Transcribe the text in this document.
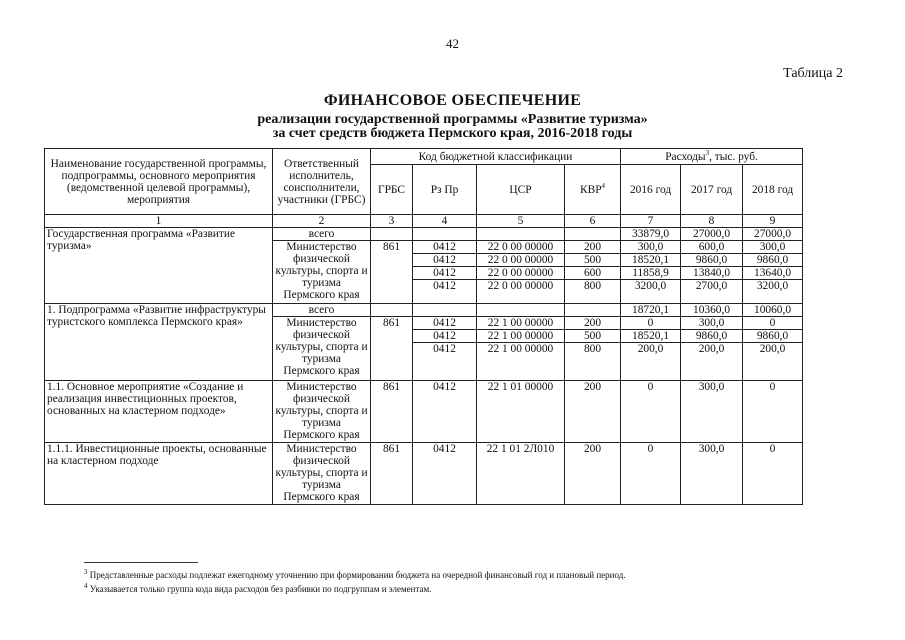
42
Таблица 2
ФИНАНСОВОЕ ОБЕСПЕЧЕНИЕ
реализации государственной программы «Развитие туризма»
за счет средств бюджета Пермского края, 2016-2018 годы
Наименование государственной программы, подпрограммы, основного мероприятия (ведомственной целевой программы), мероприятия	Ответственный исполнитель, соисполнители, участники (ГРБС)	Код бюджетной классификации				Расходы$^3$, тыс. руб.		
		ГРБС	Рз Пр	ЦСР	КВР$^4$	2016 год	2017 год	2018 год
1	2	3	4	5	6	7	8	9
Государственная программа «Развитие туризма»	всего					33879,0	27000,0	27000,0
	Министерство физической культуры, спорта и туризма Пермского края	861	0412	22 0 00 00000	200	300,0	600,0	300,0
			0412	22 0 00 00000	500	18520,1	9860,0	9860,0
			0412	22 0 00 00000	600	11858,9	13840,0	13640,0
			0412	22 0 00 00000	800	3200,0	2700,0	3200,0
1. Подпрограмма «Развитие инфраструктуры туристского комплекса Пермского края»	всего					18720,1	10360,0	10060,0
	Министерство физической культуры, спорта и туризма Пермского края	861	0412	22 1 00 00000	200	0	300,0	0
			0412	22 1 00 00000	500	18520,1	9860,0	9860,0
			0412	22 1 00 00000	800	200,0	200,0	200,0
1.1. Основное мероприятие «Создание и реализация инвестиционных проектов, основанных на кластерном подходе»	Министерство физической культуры, спорта и туризма Пермского края	861	0412	22 1 01 00000	200	0	300,0	0
1.1.1. Инвестиционные проекты, основанные на кластерном подходе	Министерство физической культуры, спорта и туризма Пермского края	861	0412	22 1 01 2Л010	200	0	300,0	0
$^3$ Представленные расходы подлежат ежегодному уточнению при формировании бюджета на очередной финансовый год и плановый период.
$^4$ Указывается только группа кода вида расходов без разбивки по подгруппам и элементам.
